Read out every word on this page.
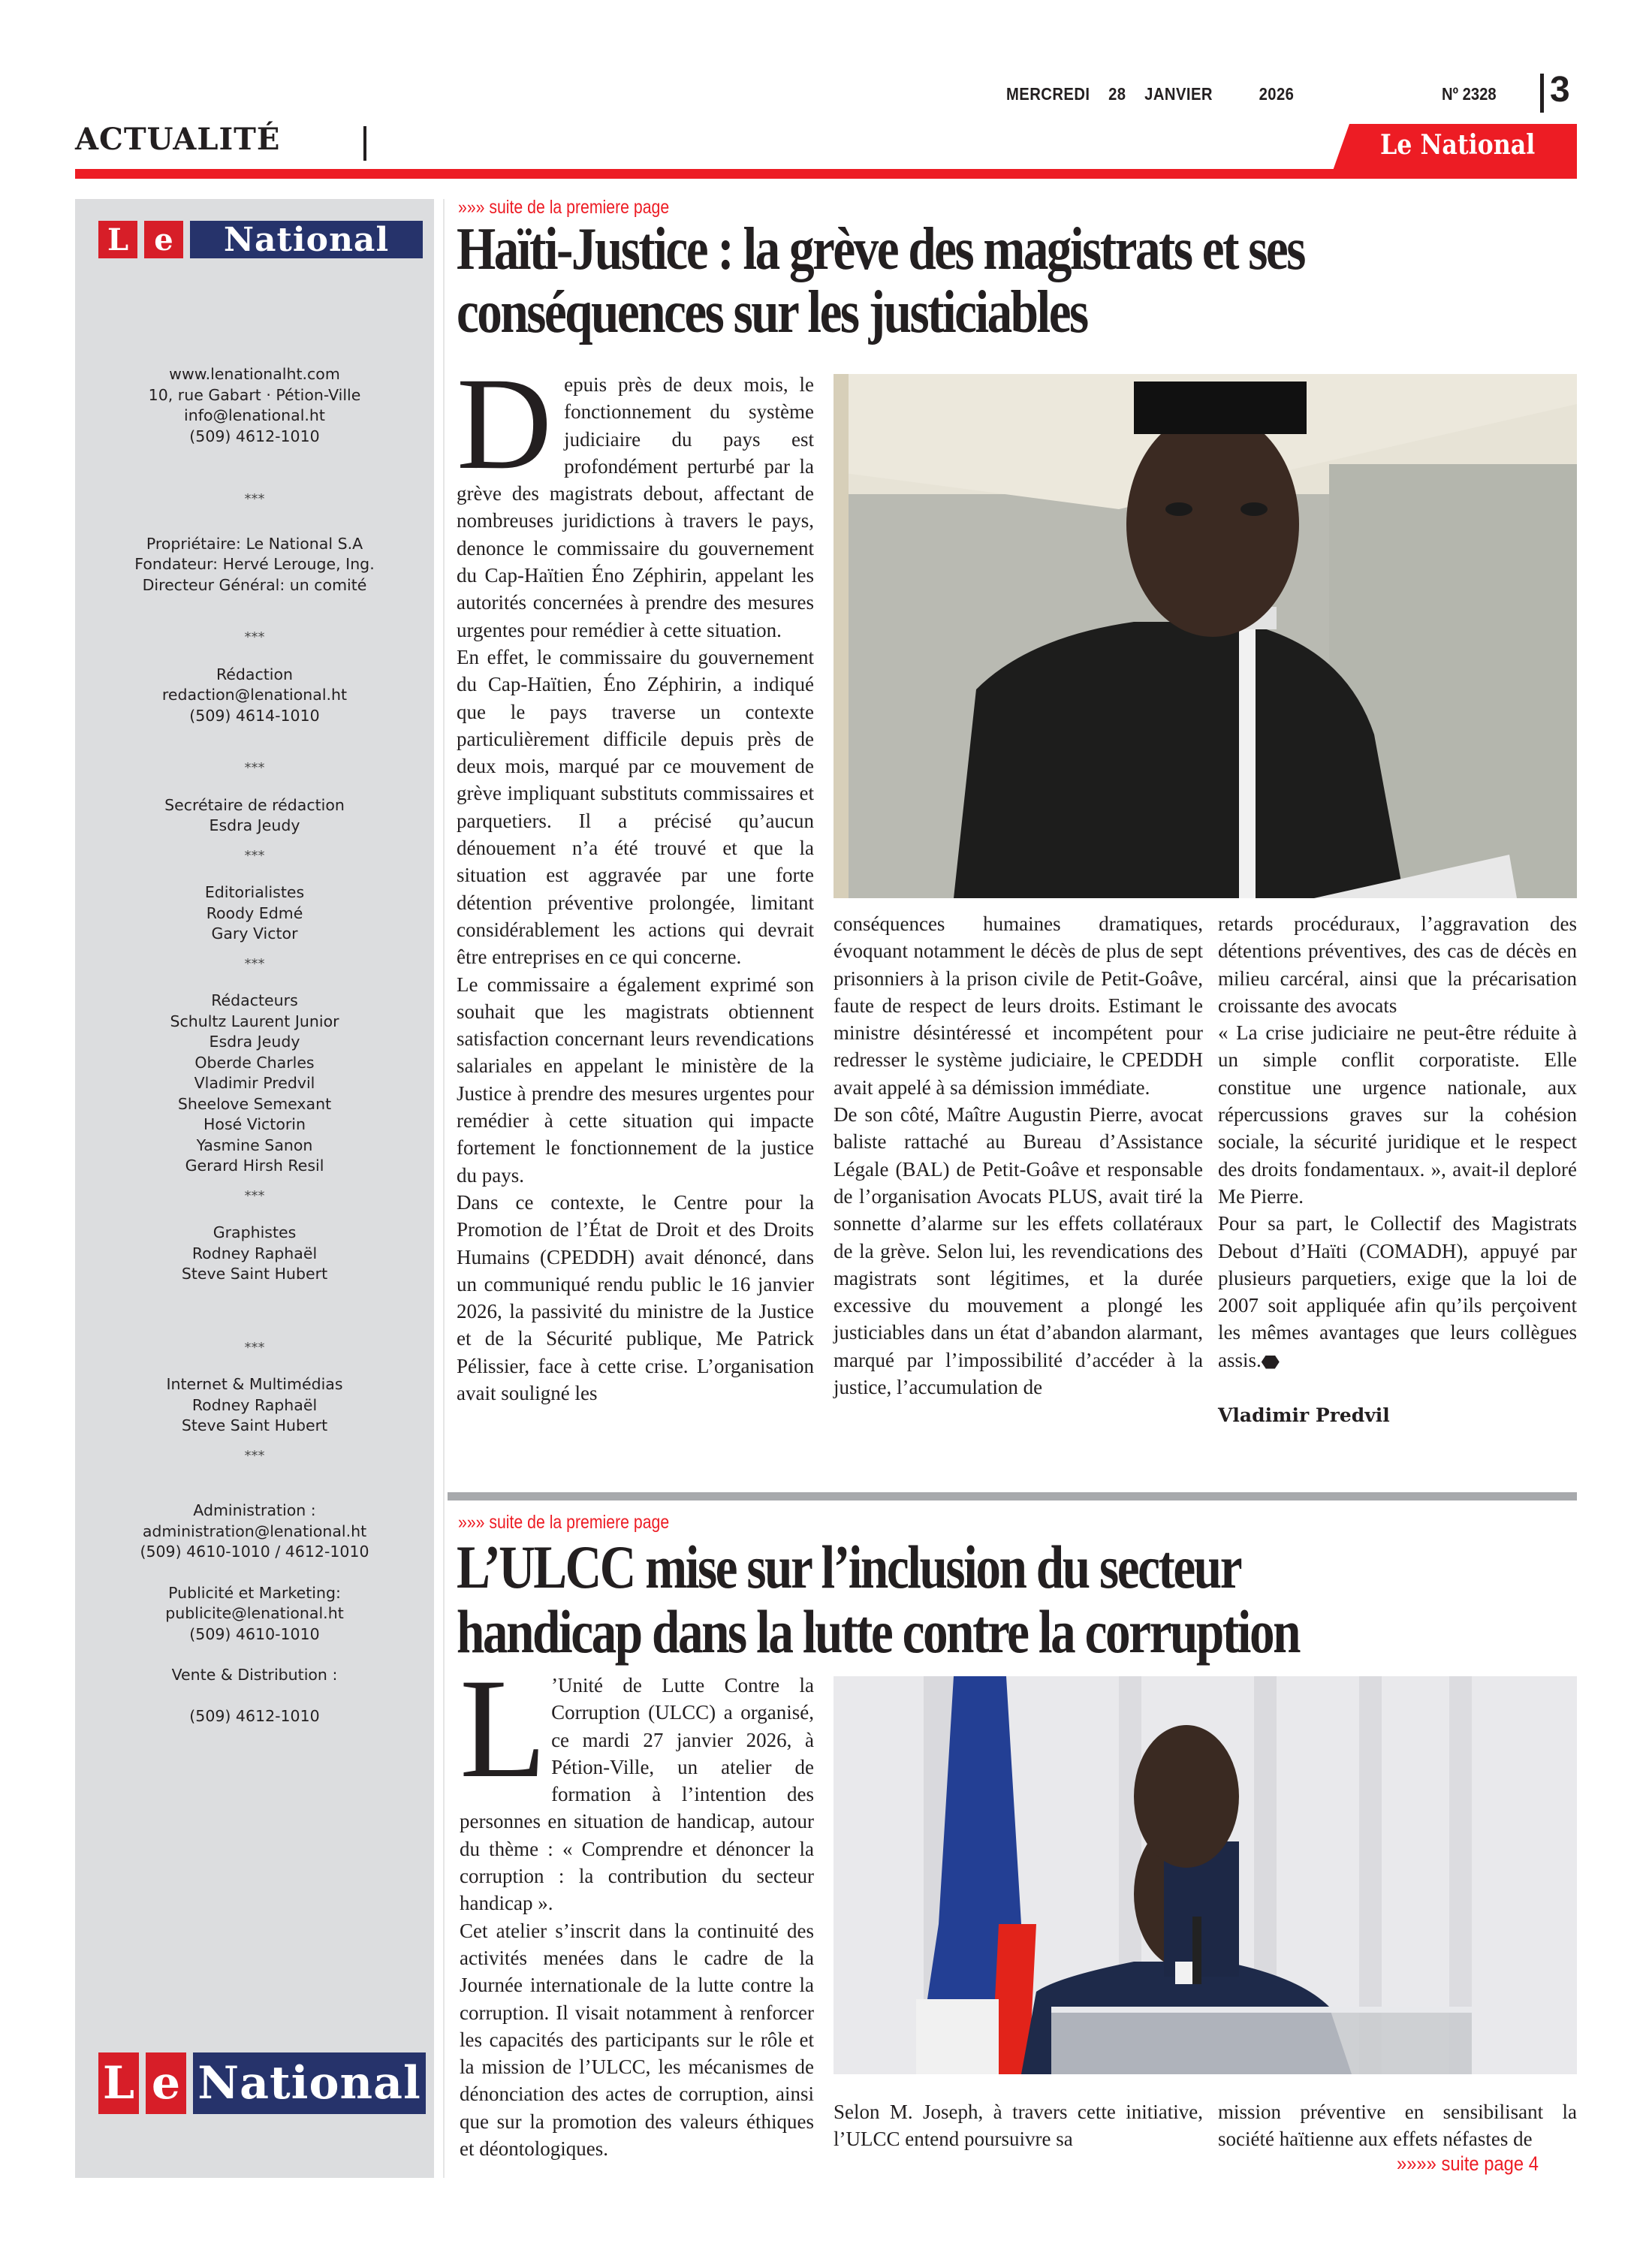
ACTUALITÉ
MERCREDI 28 JANVIER	2026	Nº 2328 3
Le National
L e	National
www.lenationalht.com
10, rue Gabart · Pétion-Ville
info@lenational.ht
(509) 4612-1010
***
Propriétaire: Le National S.A
Fondateur: Hervé Lerouge, Ing.
Directeur Général: un comité
***
Rédaction
redaction@lenational.ht
(509) 4614-1010
***
Secrétaire de rédaction
Esdra Jeudy
***
Editorialistes
Roody Edmé
Gary Victor
***
Rédacteurs
Schultz Laurent Junior
Esdra Jeudy
Oberde Charles
Vladimir Predvil
Sheelove Semexant
Hosé Victorin
Yasmine Sanon
Gerard Hirsh Resil
***
Graphistes
Rodney Raphaël
Steve Saint Hubert
***
Internet & Multimédias
Rodney Raphaël
Steve Saint Hubert
***
Administration :
administration@lenational.ht
(509) 4610-1010 / 4612-1010
Publicité et Marketing:
publicite@lenational.ht
(509) 4610-1010
Vente & Distribution :
(509) 4612-1010
L e National
»»» suite de la premiere page
Haïti-Justice : la grève des magistrats et ses
conséquences sur les justiciables
D epuis près de deux mois, le fonctionnement du système judiciaire du pays est profondément perturbé par la grève des magistrats debout, affectant de nombreuses juridictions à travers le pays, denonce le commissaire du gouvernement du Cap-Haïtien Éno Zéphirin, appelant les autorités concernées à prendre des mesures urgentes pour remédier à cette situation.

En effet, le commissaire du gouvernement du Cap-Haïtien, Éno Zéphirin, a indiqué que le pays traverse un contexte particulièrement difficile depuis près de deux mois, marqué par ce mouvement de grève impliquant substituts commissaires et parquetiers. Il a précisé qu’aucun dénouement n’a été trouvé et que la situation est aggravée par une forte détention préventive prolongée, limitant considérablement les actions qui devrait être entreprises en ce qui concerne.

Le commissaire a également exprimé son souhait que les magistrats obtiennent satisfaction concernant leurs revendications salariales en appelant le ministère de la Justice à prendre des mesures urgentes pour remédier à cette situation qui impacte fortement le fonctionnement de la justice du pays.

Dans ce contexte, le Centre pour la Promotion de l’État de Droit et des Droits Humains (CPEDDH) avait dénoncé, dans un communiqué rendu public le 16 janvier 2026, la passivité du ministre de la Justice et de la Sécurité publique, Me Patrick Pélissier, face à cette crise. L’organisation avait souligné les

conséquences humaines dramatiques, évoquant notamment le décès de plus de sept prisonniers à la prison civile de Petit-Goâve, faute de respect de leurs droits. Estimant le ministre désintéressé et incompétent pour redresser le système judiciaire, le CPEDDH avait appelé à sa démission immédiate.

De son côté, Maître Augustin Pierre, avocat baliste rattaché au Bureau d’Assistance Légale (BAL) de Petit-Goâve et responsable de l’organisation Avocats PLUS, avait tiré la sonnette d’alarme sur les effets collatéraux de la grève. Selon lui, les revendications des magistrats sont légitimes, et la durée excessive du mouvement a plongé les justiciables dans un état d’abandon alarmant, marqué par l’impossibilité d’accéder à la justice, l’accumulation de

retards procéduraux, l’aggravation des détentions préventives, des cas de décès en milieu carcéral, ainsi que la précarisation croissante des avocats

« La crise judiciaire ne peut-être réduite à un simple conflit corporatiste. Elle constitue une urgence nationale, aux répercussions graves sur la cohésion sociale, la sécurité juridique et le respect des droits fondamentaux. », avait-il deploré Me Pierre.

Pour sa part, le Collectif des Magistrats Debout d’Haïti (COMADH), appuyé par plusieurs parquetiers, exige que la loi de 2007 soit appliquée afin qu’ils perçoivent les mêmes avantages que leurs collègues assis.

Vladimir Predvil
»»» suite de la premiere page
L’ULCC mise sur l’inclusion du secteur
handicap dans la lutte contre la corruption
L ’Unité de Lutte Contre la Corruption (ULCC) a organisé, ce mardi 27 janvier 2026, à Pétion-Ville, un atelier de formation à l’intention des personnes en situation de handicap, autour du thème : « Comprendre et dénoncer la corruption : la contribution du secteur handicap ».

Cet atelier s’inscrit dans la continuité des activités menées dans le cadre de la Journée internationale de la lutte contre la corruption. Il visait notamment à renforcer les capacités des participants sur le rôle et la mission de l’ULCC, les mécanismes de dénonciation des actes de corruption, ainsi que sur la promotion des valeurs éthiques et déontologiques.

Selon M. Joseph, à travers cette initiative, l’ULCC entend poursuivre sa

mission préventive en sensibilisant la société haïtienne aux effets néfastes de

»»»» suite page 4
